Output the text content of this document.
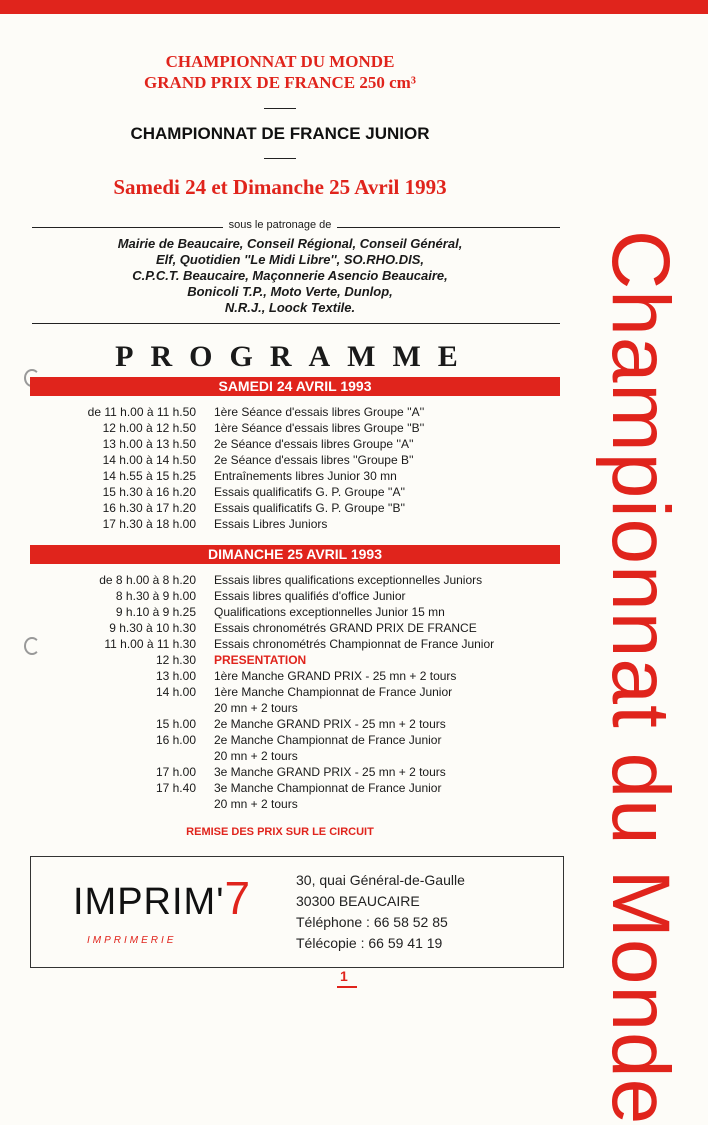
Championnat du Monde
CHAMPIONNAT DU MONDE
GRAND PRIX DE FRANCE 250 cm³
CHAMPIONNAT DE FRANCE JUNIOR
Samedi 24 et Dimanche 25 Avril 1993
sous le patronage de
Mairie de Beaucaire, Conseil Régional, Conseil Général,
Elf, Quotidien ''Le Midi Libre'', SO.RHO.DIS,
C.P.C.T. Beaucaire, Maçonnerie Asencio Beaucaire,
Bonicoli T.P., Moto Verte, Dunlop,
N.R.J., Loock Textile.
PROGRAMME
SAMEDI 24 AVRIL 1993
de 11 h.00 à 11 h.50 1ère Séance d'essais libres Groupe ''A''
12 h.00 à 12 h.50 1ère Séance d'essais libres Groupe ''B''
13 h.00 à 13 h.50 2e Séance d'essais libres Groupe ''A''
14 h.00 à 14 h.50 2e Séance d'essais libres ''Groupe B''
14 h.55 à 15 h.25 Entraînements libres Junior 30 mn
15 h.30 à 16 h.20 Essais qualificatifs G. P. Groupe ''A''
16 h.30 à 17 h.20 Essais qualificatifs G. P. Groupe ''B''
17 h.30 à 18 h.00 Essais Libres Juniors
DIMANCHE 25 AVRIL 1993
de 8 h.00 à 8 h.20 Essais libres qualifications exceptionnelles Juniors
8 h.30 à 9 h.00 Essais libres qualifiés d'office Junior
9 h.10 à 9 h.25 Qualifications exceptionnelles Junior 15 mn
9 h.30 à 10 h.30 Essais chronométrés GRAND PRIX DE FRANCE
11 h.00 à 11 h.30 Essais chronométrés Championnat de France Junior
12 h.30 PRESENTATION
13 h.00 1ère Manche GRAND PRIX - 25 mn + 2 tours
14 h.00 1ère Manche Championnat de France Junior
20 mn + 2 tours
15 h.00 2e Manche GRAND PRIX - 25 mn + 2 tours
16 h.00 2e Manche Championnat de France Junior
20 mn + 2 tours
17 h.00 3e Manche GRAND PRIX - 25 mn + 2 tours
17 h.40 3e Manche Championnat de France Junior
20 mn + 2 tours
REMISE DES PRIX SUR LE CIRCUIT
IMPRIM'7
IMPRIMERIE
30, quai Général-de-Gaulle
30300 BEAUCAIRE
Téléphone : 66 58 52 85
Télécopie : 66 59 41 19
1
